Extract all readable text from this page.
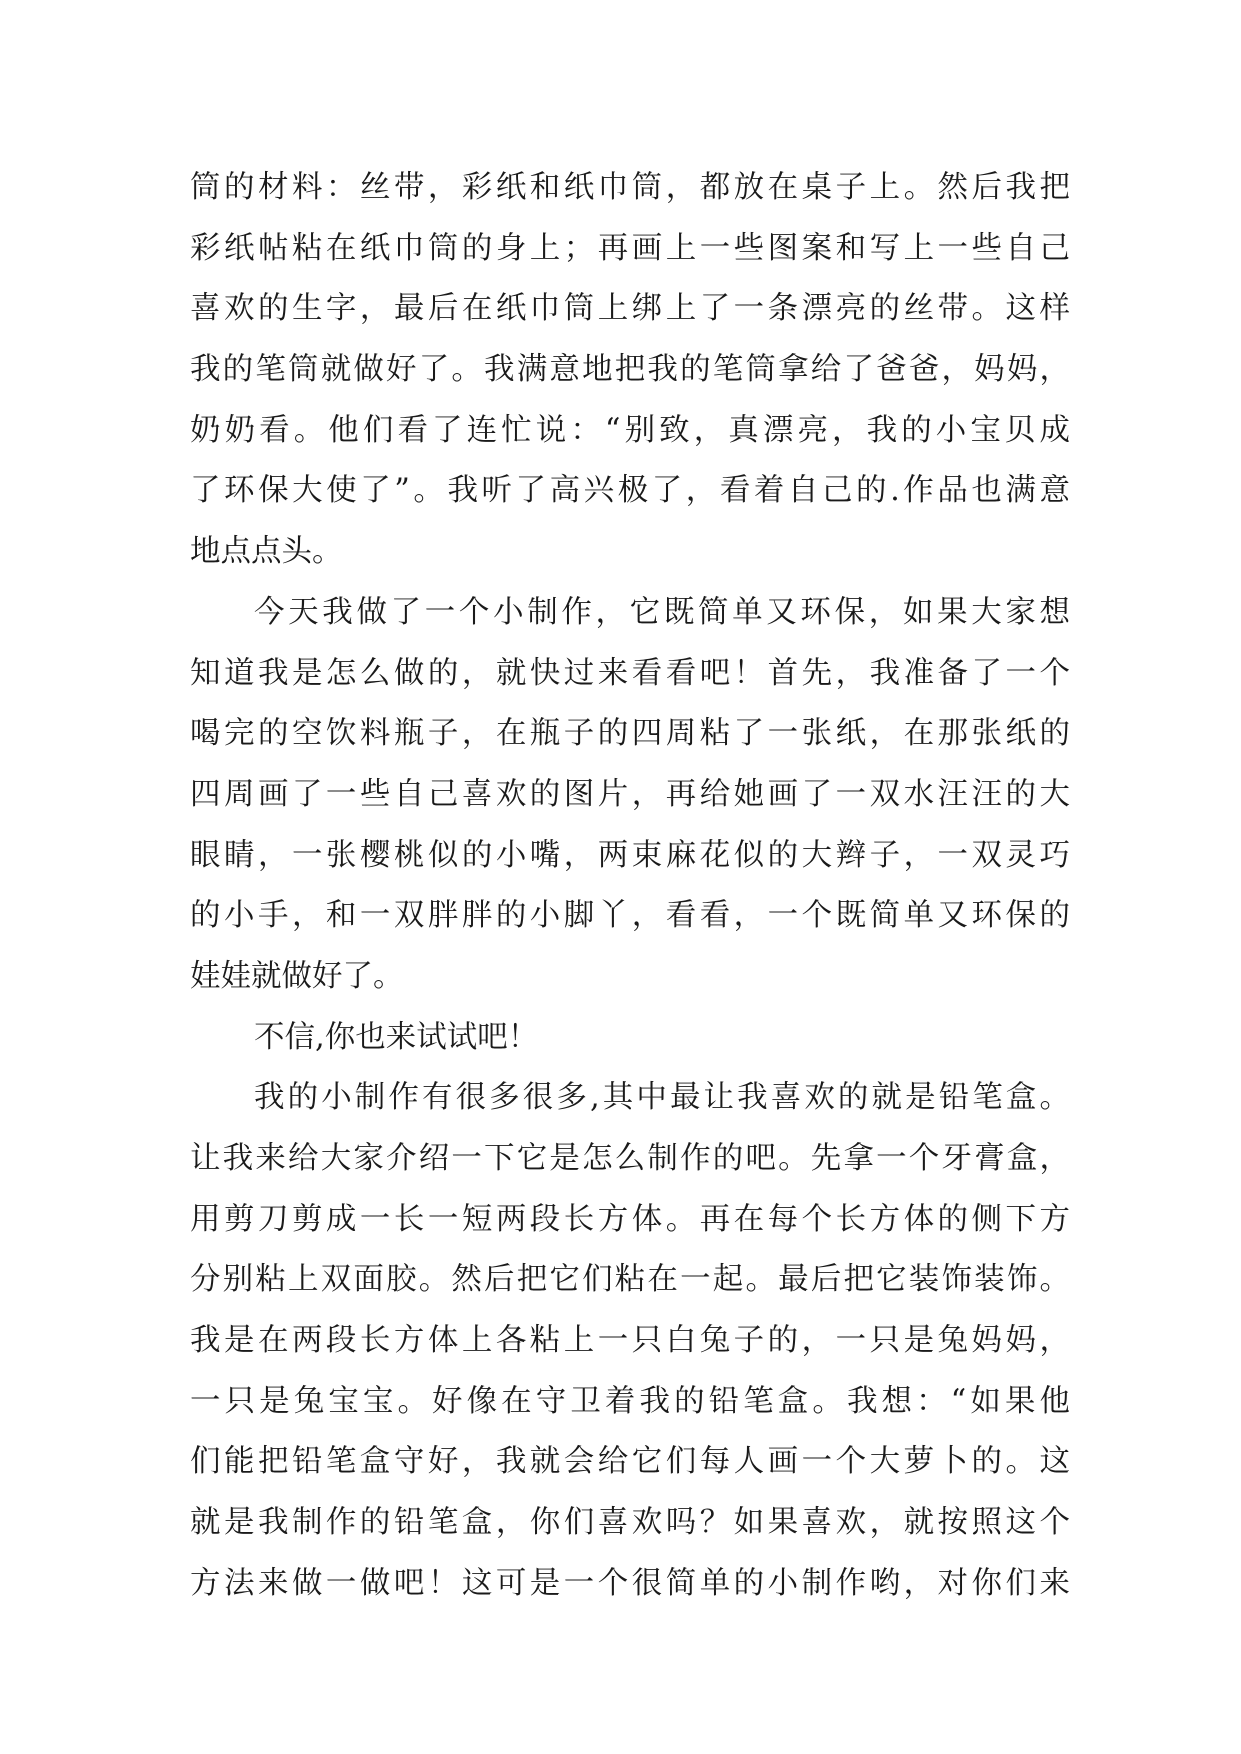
筒的材料：丝带，彩纸和纸巾筒，都放在桌子上。然后我把
彩纸帖粘在纸巾筒的身上；再画上一些图案和写上一些自己
喜欢的生字，最后在纸巾筒上绑上了一条漂亮的丝带。这样
我的笔筒就做好了。我满意地把我的笔筒拿给了爸爸，妈妈，
奶奶看。他们看了连忙说：“别致，真漂亮，我的小宝贝成
了环保大使了”。我听了高兴极了，看着自己的.作品也满意
地点点头。
今天我做了一个小制作，它既简单又环保，如果大家想
知道我是怎么做的，就快过来看看吧！首先，我准备了一个
喝完的空饮料瓶子，在瓶子的四周粘了一张纸，在那张纸的
四周画了一些自己喜欢的图片，再给她画了一双水汪汪的大
眼睛，一张樱桃似的小嘴，两束麻花似的大辫子，一双灵巧
的小手，和一双胖胖的小脚丫，看看，一个既简单又环保的
娃娃就做好了。
不信,你也来试试吧！
我的小制作有很多很多,其中最让我喜欢的就是铅笔盒。
让我来给大家介绍一下它是怎么制作的吧。先拿一个牙膏盒，
用剪刀剪成一长一短两段长方体。再在每个长方体的侧下方
分别粘上双面胶。然后把它们粘在一起。最后把它装饰装饰。
我是在两段长方体上各粘上一只白兔子的，一只是兔妈妈，
一只是兔宝宝。好像在守卫着我的铅笔盒。我想：“如果他
们能把铅笔盒守好，我就会给它们每人画一个大萝卜的。这
就是我制作的铅笔盒，你们喜欢吗？如果喜欢，就按照这个
方法来做一做吧！这可是一个很简单的小制作哟，对你们来
